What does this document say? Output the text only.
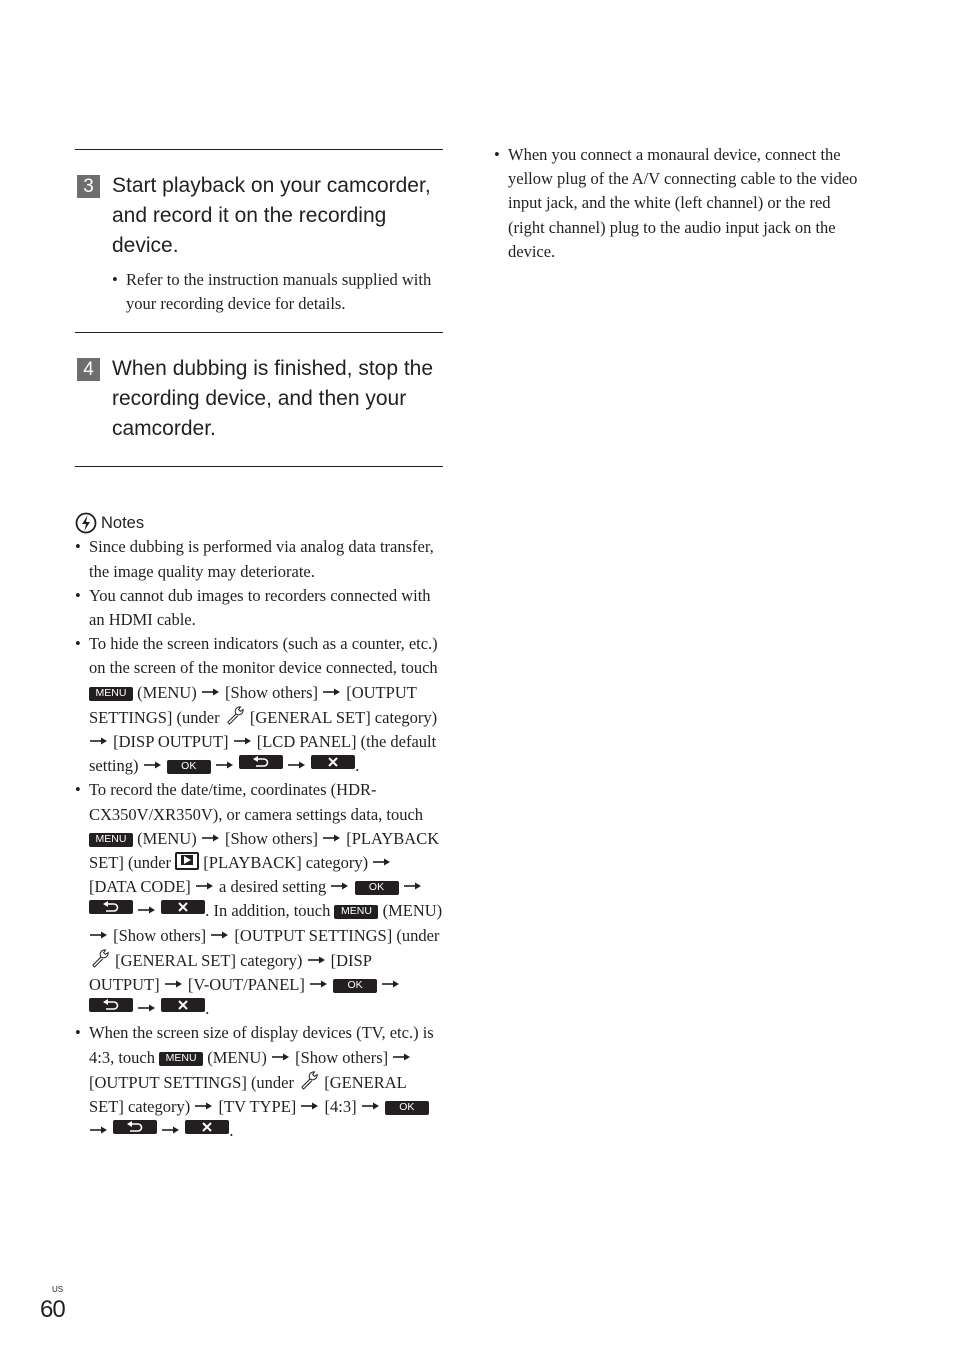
3 Start playback on your camcorder, and record it on the recording device.
• Refer to the instruction manuals supplied with your recording device for details.
4 When dubbing is finished, stop the recording device, and then your camcorder.
Notes
• Since dubbing is performed via analog data transfer, the image quality may deteriorate.
• You cannot dub images to recorders connected with an HDMI cable.
• To hide the screen indicators (such as a counter, etc.) on the screen of the monitor device connected, touch MENU (MENU) [Show others] [OUTPUT SETTINGS] (under [GENERAL SET] category)  [DISP OUTPUT] [LCD PANEL] (the default setting)	OK
	.
• To record the date/time, coordinates (HDR-CX350V/XR350V), or camera settings data, touch MENU (MENU) [Show others] [PLAYBACK SET] (under [PLAYBACK] category)  [DATA CODE] a desired setting	OK

. In addition, touch MENU (MENU)  [Show others] [OUTPUT SETTINGS] (under  [GENERAL SET] category) [DISP OUTPUT] [V-OUT/PANEL]	OK

.
• When the screen size of display devices (TV, etc.) is 4:3, touch MENU (MENU) [Show others]  [OUTPUT SETTINGS] (under [GENERAL SET] category) [TV TYPE] [4:3]	OK

.
• When you connect a monaural device, connect the yellow plug of the A/V connecting cable to the video input jack, and the white (left channel) or the red (right channel) plug to the audio input jack on the device.
US
60
